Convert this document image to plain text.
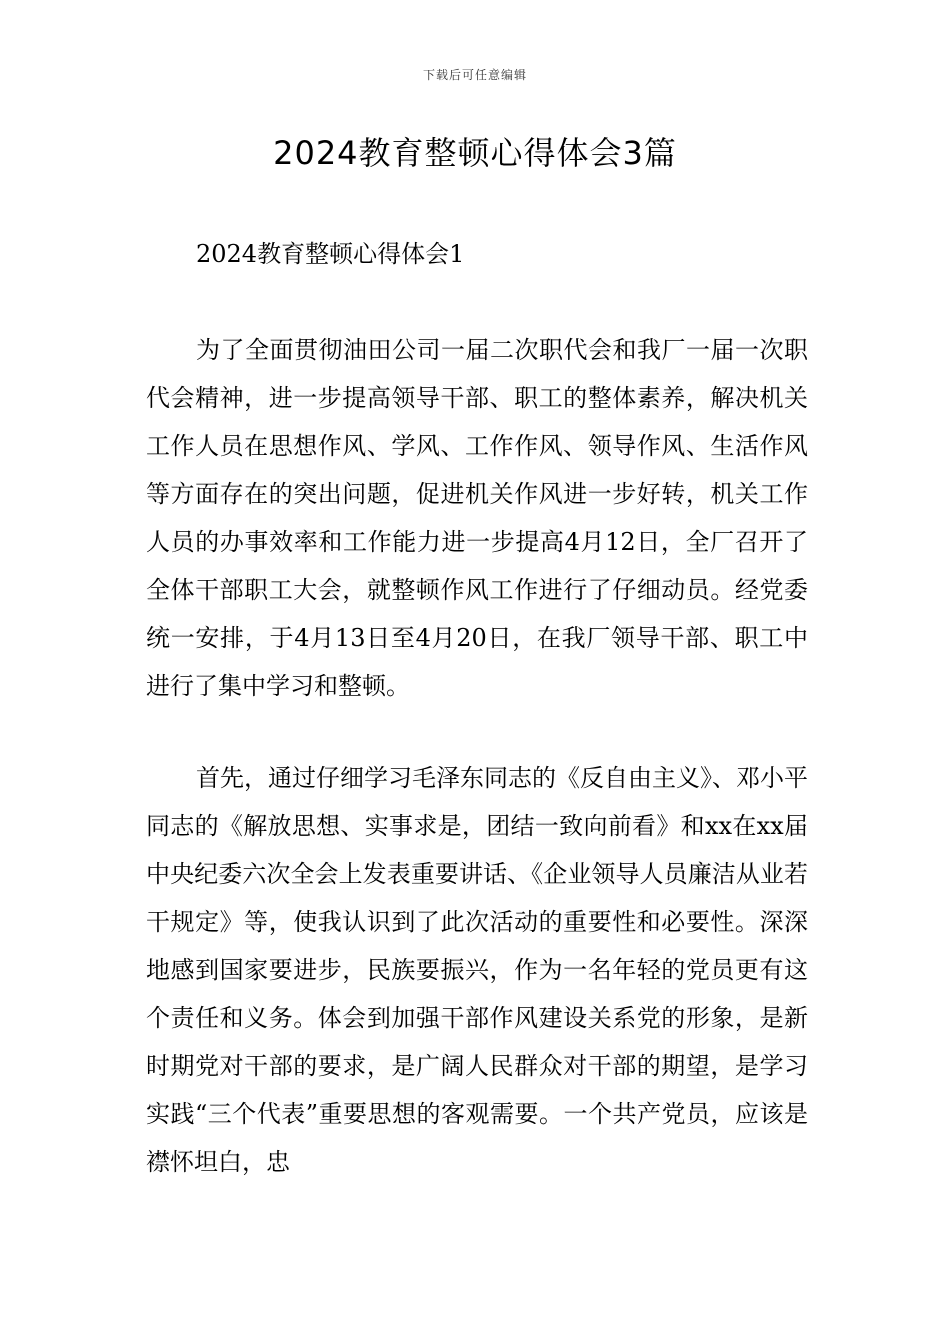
下载后可任意编辑
2024教育整顿心得体会3篇
2024教育整顿心得体会1

为了全面贯彻油田公司一届二次职代会和我厂一届一次职代会精神，进一步提高领导干部、职工的整体素养，解决机关工作人员在思想作风、学风、工作作风、领导作风、生活作风等方面存在的突出问题，促进机关作风进一步好转，机关工作人员的办事效率和工作能力进一步提高4月12日，全厂召开了全体干部职工大会，就整顿作风工作进行了仔细动员。经党委统一安排，于4月13日至4月20日，在我厂领导干部、职工中进行了集中学习和整顿。

首先，通过仔细学习毛泽东同志的《反自由主义》、邓小平同志的《解放思想、实事求是，团结一致向前看》和xx在xx届中央纪委六次全会上发表重要讲话、《企业领导人员廉洁从业若干规定》等，使我认识到了此次活动的重要性和必要性。深深地感到国家要进步，民族要振兴，作为一名年轻的党员更有这个责任和义务。体会到加强干部作风建设关系党的形象，是新时期党对干部的要求，是广阔人民群众对干部的期望，是学习实践“三个代表”重要思想的客观需要。一个共产党员，应该是襟怀坦白，忠
